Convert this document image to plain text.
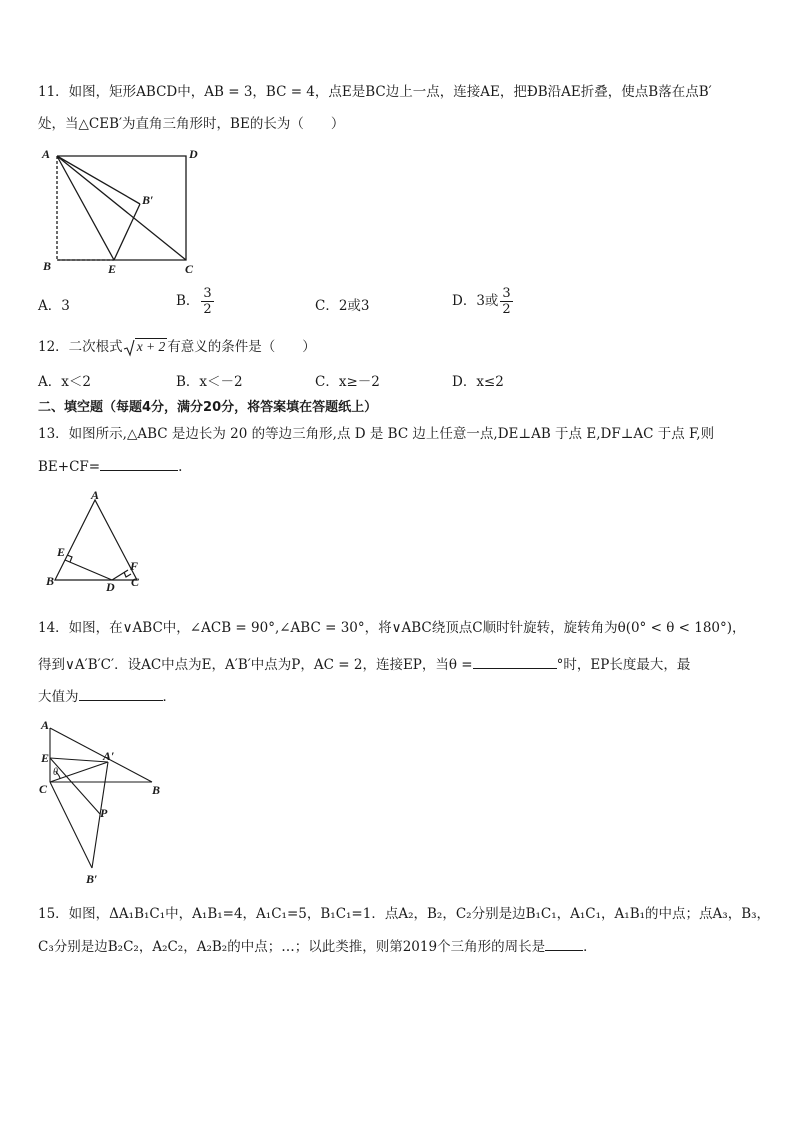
11．如图，矩形ABCD中，AB = 3，BC = 4，点E是BC边上一点，连接AE，把ÐB沿AE折叠，使点B落在点B′
处，当△CEB′为直角三角形时，BE的长为（　　）
A	D
B	E	C
B′
A．3	B． $\frac{3}{2}$	C．2或3	D．3或 $\frac{3}{2}$
12．二次根式 x + 2 有意义的条件是（　　）
A．x＜2	B．x＜－2	C．x≥－2	D．x≤2
二、填空题（每题4分，满分20分，将答案填在答题纸上）
13．如图所示,△ABC 是边长为 20 的等边三角形,点 D 是 BC 边上任意一点,DE⊥AB 于点 E,DF⊥AC 于点 F,则
BE+CF=	.
A
E
F
B	D C
14．如图，在∨ABC中，∠ACB = 90°,∠ABC = 30°，将∨ABC绕顶点C顺时针旋转，旋转角为θ(0° < θ < 180°)，
得到∨A′B′C′．设AC中点为E，A′B′中点为P，AC = 2，连接EP，当θ =	°时，EP长度最大，最
大值为	．
A
E
θ
A′
C	B
P
B′
15．如图，ΔA₁B₁C₁中，A₁B₁=4，A₁C₁=5，B₁C₁=1．点A₂，B₂，C₂分别是边B₁C₁，A₁C₁，A₁B₁的中点；点A₃，B₃，
C₃分别是边B₂C₂，A₂C₂，A₂B₂的中点；…；以此类推，则第2019个三角形的周长是	．
